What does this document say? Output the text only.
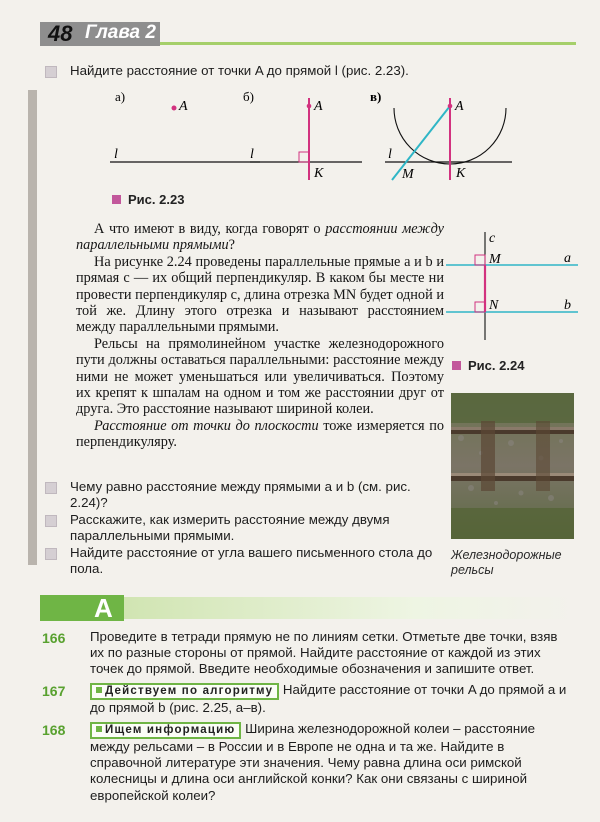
48 Глава 2
Найдите расстояние от точки A до прямой l (рис. 2.23).
а)
A
l
б)
l
A
K
в)
l
A
M	K
Рис. 2.23
c
M	a
N	b
Рис. 2.24

А что имеют в виду, когда говорят о расстоянии между параллельными прямыми?

На рисунке 2.24 проведены параллельные прямые a и b и прямая c — их общий перпендикуляр. В каком бы месте ни провести перпендикуляр c, длина отрезка MN будет одной и той же. Длину этого отрезка и называют расстоянием между параллельными прямыми.

Рельсы на прямолинейном участке железнодорожного пути должны оставаться параллельными: расстояние между ними не может уменьшаться или увеличиваться. Поэтому их крепят к шпалам на одном и том же расстоянии друг от друга. Это расстояние называют шириной колеи.

Расстояние от точки до плоскости тоже измеряется по перпендикуляру.

Чему равно расстояние между прямыми a и b (см. рис. 2.24)?
Расскажите, как измерить расстояние между двумя параллельными прямыми.
Найдите расстояние от угла вашего письменного стола до пола.
Железнодорожные рельсы
А
166 Проведите в тетради прямую не по линиям сетки. Отметьте две точки, взяв их по разные стороны от прямой. Найдите расстояние от каждой из этих точек до прямой. Введите необходимые обозначения и запишите ответ.
167	Действуем по алгоритму Найдите расстояние от точки A до прямой a и до прямой b (рис. 2.25, а–в).
168	Ищем информацию Ширина железнодорожной колеи – расстояние между рельсами – в России и в Европе не одна и та же. Найдите в справочной литературе эти значения. Чему равна длина оси римской колесницы и длина оси английской конки? Как они связаны с шириной европейской колеи?
